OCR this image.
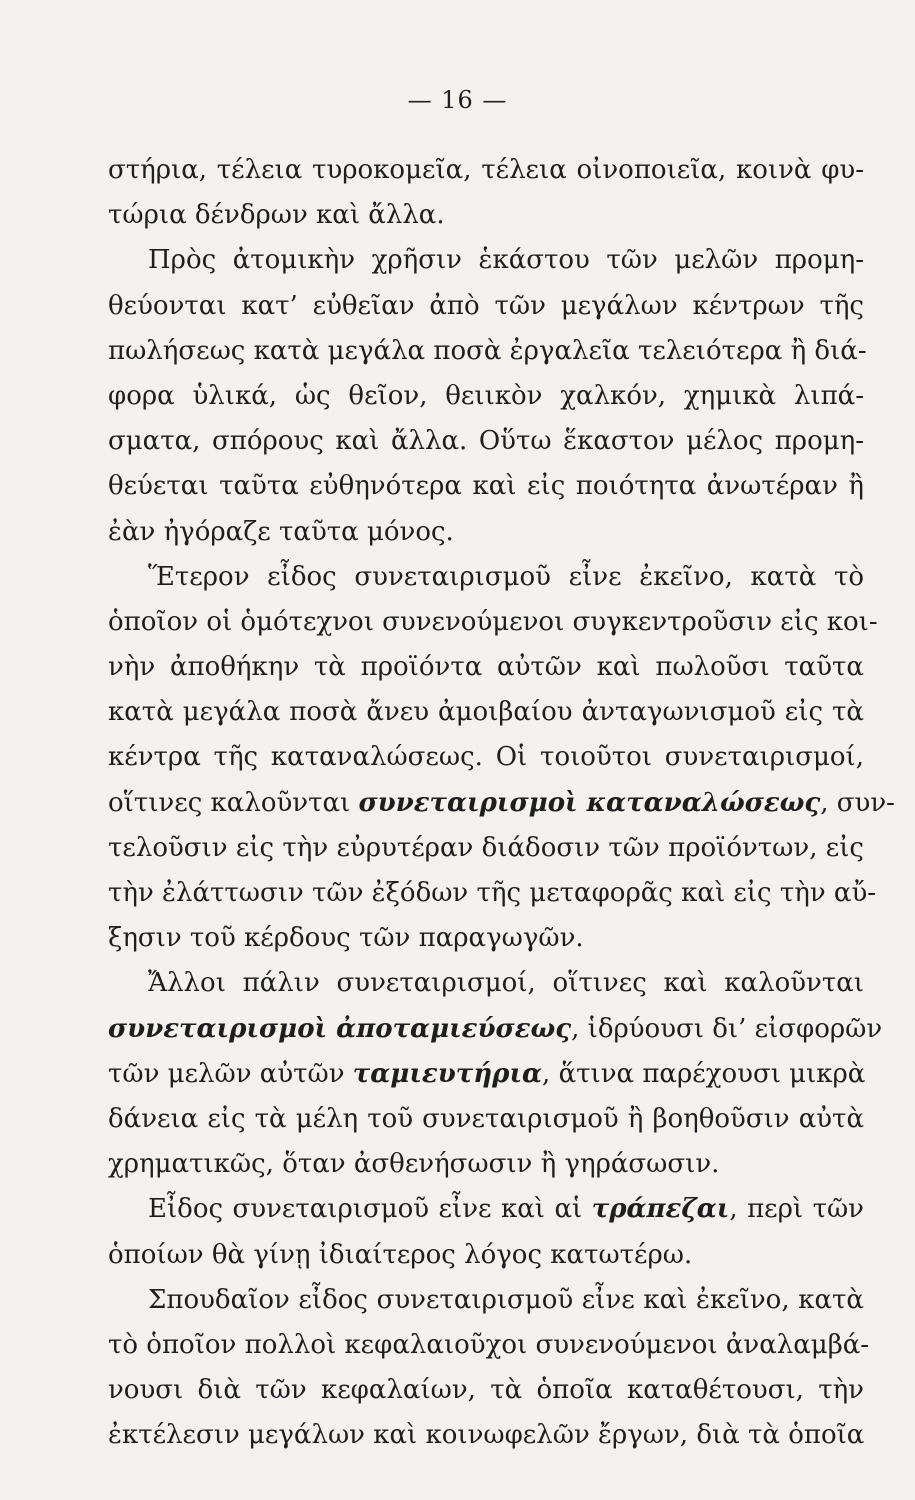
— 16 —
στήρια, τέλεια τυροκομεῖα, τέλεια οἰνοποιεῖα, κοινὰ φυ-
τώρια δένδρων καὶ ἄλλα.
Πρὸς ἀτομικὴν χρῆσιν ἑκάστου τῶν μελῶν προμη-
θεύονται κατ’ εὐθεῖαν ἀπὸ τῶν μεγάλων κέντρων τῆς
πωλήσεως κατὰ μεγάλα ποσὰ ἐργαλεῖα τελειότερα ἢ διά-
φορα ὑλικά, ὡς θεῖον, θειικὸν χαλκόν, χημικὰ λιπά-
σματα, σπόρους καὶ ἄλλα. Οὕτω ἕκαστον μέλος προμη-
θεύεται ταῦτα εὐθηνότερα καὶ εἰς ποιότητα ἀνωτέραν ἢ
ἐὰν ἠγόραζε ταῦτα μόνος.
Ἕτερον εἶδος συνεταιρισμοῦ εἶνε ἐκεῖνο, κατὰ τὸ
ὁποῖον οἱ ὁμότεχνοι συνενούμενοι συγκεντροῦσιν εἰς κοι-
νὴν ἀποθήκην τὰ προϊόντα αὐτῶν καὶ πωλοῦσι ταῦτα
κατὰ μεγάλα ποσὰ ἄνευ ἀμοιβαίου ἀνταγωνισμοῦ εἰς τὰ
κέντρα τῆς καταναλώσεως. Οἱ τοιοῦτοι συνεταιρισμοί,
οἵτινες καλοῦνται συνεταιρισμοὶ καταναλώσεως, συν-
τελοῦσιν εἰς τὴν εὐρυτέραν διάδοσιν τῶν προϊόντων, εἰς
τὴν ἐλάττωσιν τῶν ἐξόδων τῆς μεταφορᾶς καὶ εἰς τὴν αὔ-
ξησιν τοῦ κέρδους τῶν παραγωγῶν.
Ἄλλοι πάλιν συνεταιρισμοί, οἵτινες καὶ καλοῦνται
συνεταιρισμοὶ ἀποταμιεύσεως, ἱδρύουσι δι’ εἰσφορῶν
τῶν μελῶν αὐτῶν ταμιευτήρια, ἅτινα παρέχουσι μικρὰ
δάνεια εἰς τὰ μέλη τοῦ συνεταιρισμοῦ ἢ βοηθοῦσιν αὐτὰ
χρηματικῶς, ὅταν ἀσθενήσωσιν ἢ γηράσωσιν.
Εἶδος συνεταιρισμοῦ εἶνε καὶ αἱ τράπεζαι, περὶ τῶν
ὁποίων θὰ γίνῃ ἰδιαίτερος λόγος κατωτέρω.
Σπουδαῖον εἶδος συνεταιρισμοῦ εἶνε καὶ ἐκεῖνο, κατὰ
τὸ ὁποῖον πολλοὶ κεφαλαιοῦχοι συνενούμενοι ἀναλαμβά-
νουσι διὰ τῶν κεφαλαίων, τὰ ὁποῖα καταθέτουσι, τὴν
ἐκτέλεσιν μεγάλων καὶ κοινωφελῶν ἔργων, διὰ τὰ ὁποῖα
